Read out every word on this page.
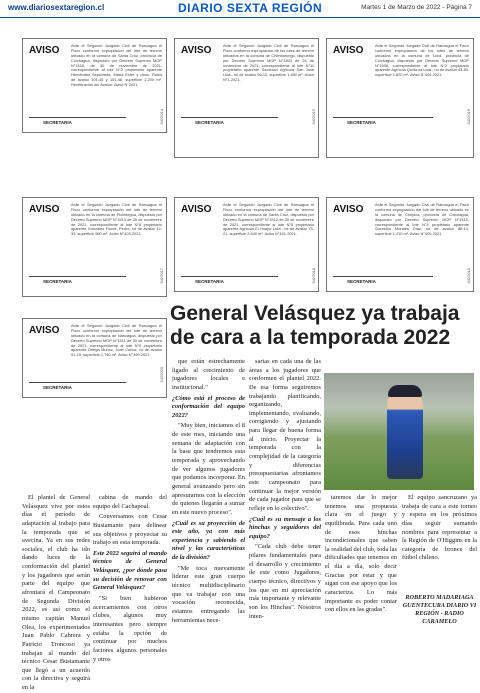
www.diariosextaregion.cl	DIARIO SEXTA REGIÓN	Martes 1 de Marzo de 2022 - Página 7
AVISO	Ante el Segundo Juzgado Civil de Rancagua el Fisco conformó expropiación del lote de terreno ubicado en la comuna de Santa Cruz, provincia de Colchagua, dispuesto por Decreto Supremo MOP N°1516, de 30 de noviembre de 2021, correspondiente al lote N°3 propietario aparente Hernández Sepúlveda, María Ester y otros. Roles de avalúo 101-45 y 101-46, superficie 2.200 m². Rectificación del Avalúo: Aviso N°2021.
SECRETARIA	3422014
AVISO	Ante el Segundo Juzgado Civil de Rancagua el Fisco conformó expropiación de los lotes de terreno ubicados en la comuna de Chimbarongo, dispuesto por Decreto Supremo MOP N°1504 de 26 de noviembre de 2021, correspondiente al lote N°11 propietario aparente Sociedad Agrícola San José Ltda., rol de avalúo 96-12, superficie 1.450 m². Aviso N°1-2021.
SECRETARIA	3422015
AVISO	Ante el Segundo Juzgado Civil de Rancagua el Fisco conformó expropiación de los lotes de terreno ubicados en la comuna de Lolol, provincia de Colchagua, dispuesto por Decreto Supremo MOP N°1506, correspondiente al lote N°2 propietario aparente Agrícola Quilicura Ltda., rol de avalúo 43-80, superficie 1.820 m². Aviso N°404-2021.
SECRETARIA	3422016
AVISO	Ante el Segundo Juzgado Civil de Rancagua el Fisco conformó expropiación del lote de terreno ubicado en la comuna de Pichidegua, dispuesto por Decreto Supremo MOP N°1513 de 30 de noviembre de 2021, correspondiente al lote N°8 propietario aparente González Flores, Pedro, rol de avalúo 12-33, superficie 980 m². Aviso N°403-2021.
SECRETARIA	3422017
AVISO	Ante el Segundo Juzgado Civil de Rancagua el Fisco conformó expropiación del lote de terreno ubicado en la comuna de Santa Cruz, dispuesto por Decreto Supremo MOP N°1512 de 30 de noviembre de 2021, correspondiente al lote N°5 propietario aparente Agrícola El Huape Ltda., rol de avalúo 75-21, superficie 2.640 m². Aviso N°401-2021.
SECRETARIA	3422018
AVISO	Ante el Segundo Juzgado Civil de Rancagua el Fisco conformó expropiación del lote de terreno ubicado en la comuna de Chépica, provincia de Colchagua, dispuesto por Decreto Supremo MOP N°1510, correspondiente al lote N°4 propietario aparente Sucesión Morales Díaz, rol de avalúo 88-14, superficie 1.210 m². Aviso N°400-2021.
SECRETARIA	3422019
AVISO	Ante el Segundo Juzgado Civil de Rancagua el Fisco conformó expropiación del lote de terreno ubicado en la comuna de Nancagua, dispuesto por Decreto Supremo MOP N°1511 de 30 de noviembre de 2021, correspondiente al lote N°6 propietario aparente Ortega Muñoz, Juan Carlos, rol de avalúo 51-19, superficie 1.740 m². Aviso N°399-2021.
SECRETARIA
3422020
General Velásquez ya trabaja de cara a la temporada 2022

El plantel de General Velásquez vive por estos días el período de adaptación al trabajo para la temporada que se avecina. Ya en sus redes sociales, el club ha ido dando luces de la conformación del plantel y los jugadores que serán parte del equipo que afrontará el Campeonato de Segunda División 2022, es así como el mismo capitán Manuel Olea, los experimentados Juan Pablo Cabrera y Patricio Troncoso ya trabajan al mando del técnico Cesar Bustamante que llegó a un acuerdo con la directiva y seguirá en la

cabina de mando del equipo del Cachapoal.

Conversamos con Cesar Bustamante para delinear sus objetivos y proyectar su trabajo en esta temporada.

Este 2022 seguirá al mando técnico de General Velásquez, ¿por dónde pasa su decisión de renovar con General Velásquez?

"Si bien hubieron acercamientos con otros clubes, algunos muy interesantes pero siempre estaba la opción de continuar por muchos factores algunos personales y otros

que están estrechamente ligado al crecimiento de jugadores locales e institucional."

¿Cómo está el proceso de conformación del equipo 2022?

"Muy bien, iniciamos el 8 de este mes, iniciando una semana de adaptación con la base que tendremos esta temporada y aprovechando de ver algunos jugadores que podamos incorporar. En general avanzando pero sin apresurarnos con la elección de quienes llegarán a sumar en este nuevo proceso".

¿Cuál es su proyección de este año, ya con más experiencia y sabiendo el nivel y las características de la división?

"Me toca nuevamente liderar este gran cuerpo técnico multidisciplinario que va trabajar con una vocación reconocida, estamos entregando las herramientas nece-

sarias en cada una de las áreas a los jugadores que conformen el plantel 2022. De esa forma seguiremos trabajando planificando, organizando, implementando, evaluando, corrigiendo y ajustando para llegar de buena forma al inicio. Proyectar la temporada con la complejidad de la categoría y diferencias presupuestarias afrontamos este campeonato para continuar la mejor versión de cada jugador para que se refleje en lo colectivo".

¿Cuál es su mensaje a los hinchas y seguidores del equipo?

"Cada club debe tener pilares fundamentales para el desarrollo y crecimiento de este como Jugadores, cuerpo técnico, directivos y los que en mi apreciación más importante y relevante son los Hinchas". Nosotros inten-

taremos dar lo mejor tenemos una propuesta clara en el juego y equilibrada. Para cada uno de esos hinchas incondicionales que saben la realidad del club, toda las dificultades que tenemos en el día a día, solo decir Gracias por estar y que sigan con ese apoyo que los caracteriza. Lo más importante es poder contar con ellos en las gradas".

El equipo sancruzano ya trabaja de cara a este torneo y espera en los próximos días seguir sumando nombres para representar a la Región de O'Higgins en la categoría de bronce del fútbol chileno.

ROBERTO MADARIAGA GUENTECURA DIARIO VI REGIÓN - RADIO CARAMELO
